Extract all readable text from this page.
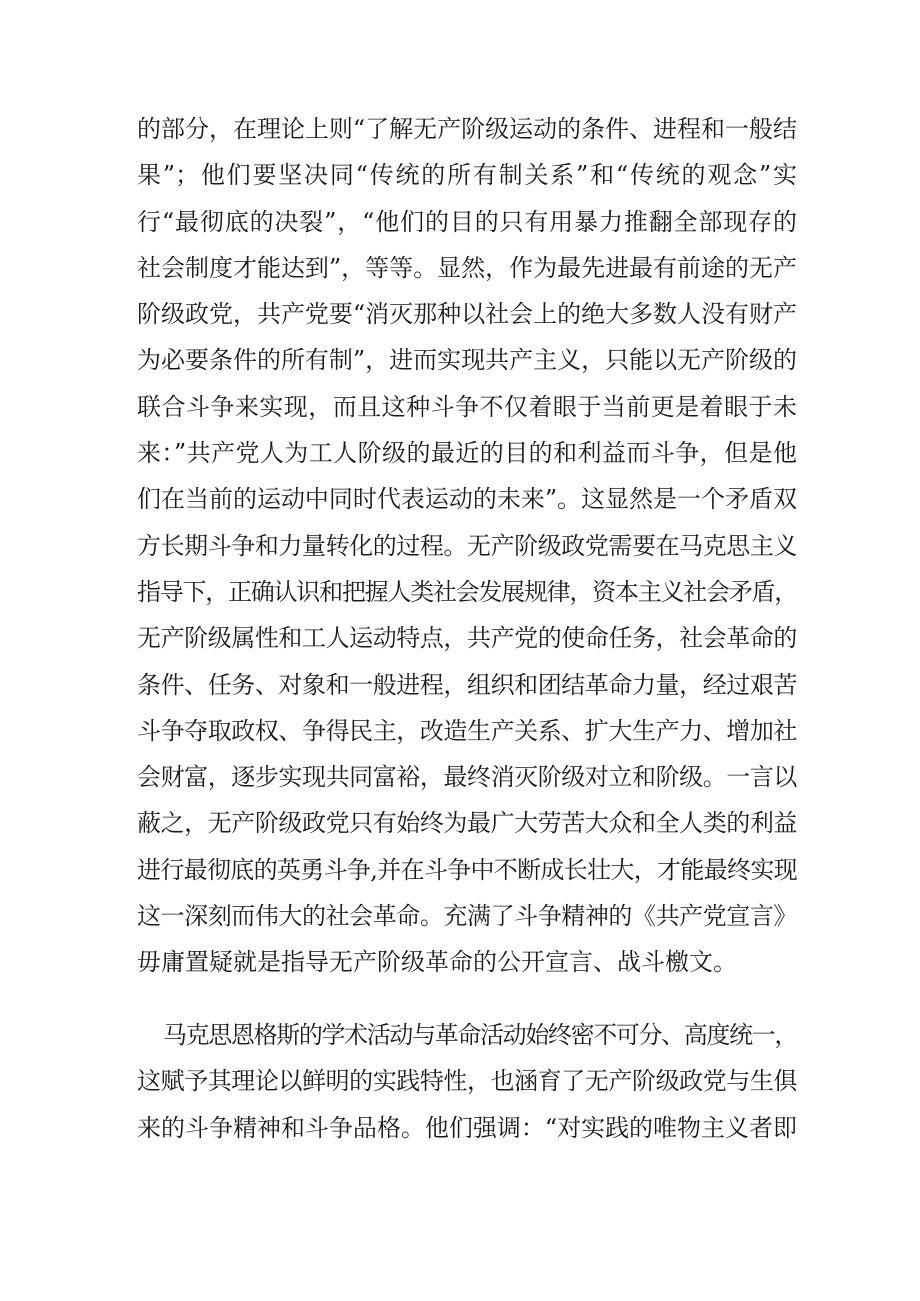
的部分，在理论上则“了解无产阶级运动的条件、进程和一般结
果”；他们要坚决同“传统的所有制关系”和“传统的观念”实
行“最彻底的决裂”，“他们的目的只有用暴力推翻全部现存的
社会制度才能达到”，等等。显然，作为最先进最有前途的无产
阶级政党，共产党要“消灭那种以社会上的绝大多数人没有财产
为必要条件的所有制”，进而实现共产主义，只能以无产阶级的
联合斗争来实现，而且这种斗争不仅着眼于当前更是着眼于未
来：”共产党人为工人阶级的最近的目的和利益而斗争，但是他
们在当前的运动中同时代表运动的未来”。这显然是一个矛盾双
方长期斗争和力量转化的过程。无产阶级政党需要在马克思主义
指导下，正确认识和把握人类社会发展规律，资本主义社会矛盾，
无产阶级属性和工人运动特点，共产党的使命任务，社会革命的
条件、任务、对象和一般进程，组织和团结革命力量，经过艰苦
斗争夺取政权、争得民主，改造生产关系、扩大生产力、增加社
会财富，逐步实现共同富裕，最终消灭阶级对立和阶级。一言以
蔽之，无产阶级政党只有始终为最广大劳苦大众和全人类的利益
进行最彻底的英勇斗争,并在斗争中不断成长壮大，才能最终实现
这一深刻而伟大的社会革命。充满了斗争精神的《共产党宣言》
毋庸置疑就是指导无产阶级革命的公开宣言、战斗檄文。
马克思恩格斯的学术活动与革命活动始终密不可分、高度统一，
这赋予其理论以鲜明的实践特性，也涵育了无产阶级政党与生俱
来的斗争精神和斗争品格。他们强调：“对实践的唯物主义者即
